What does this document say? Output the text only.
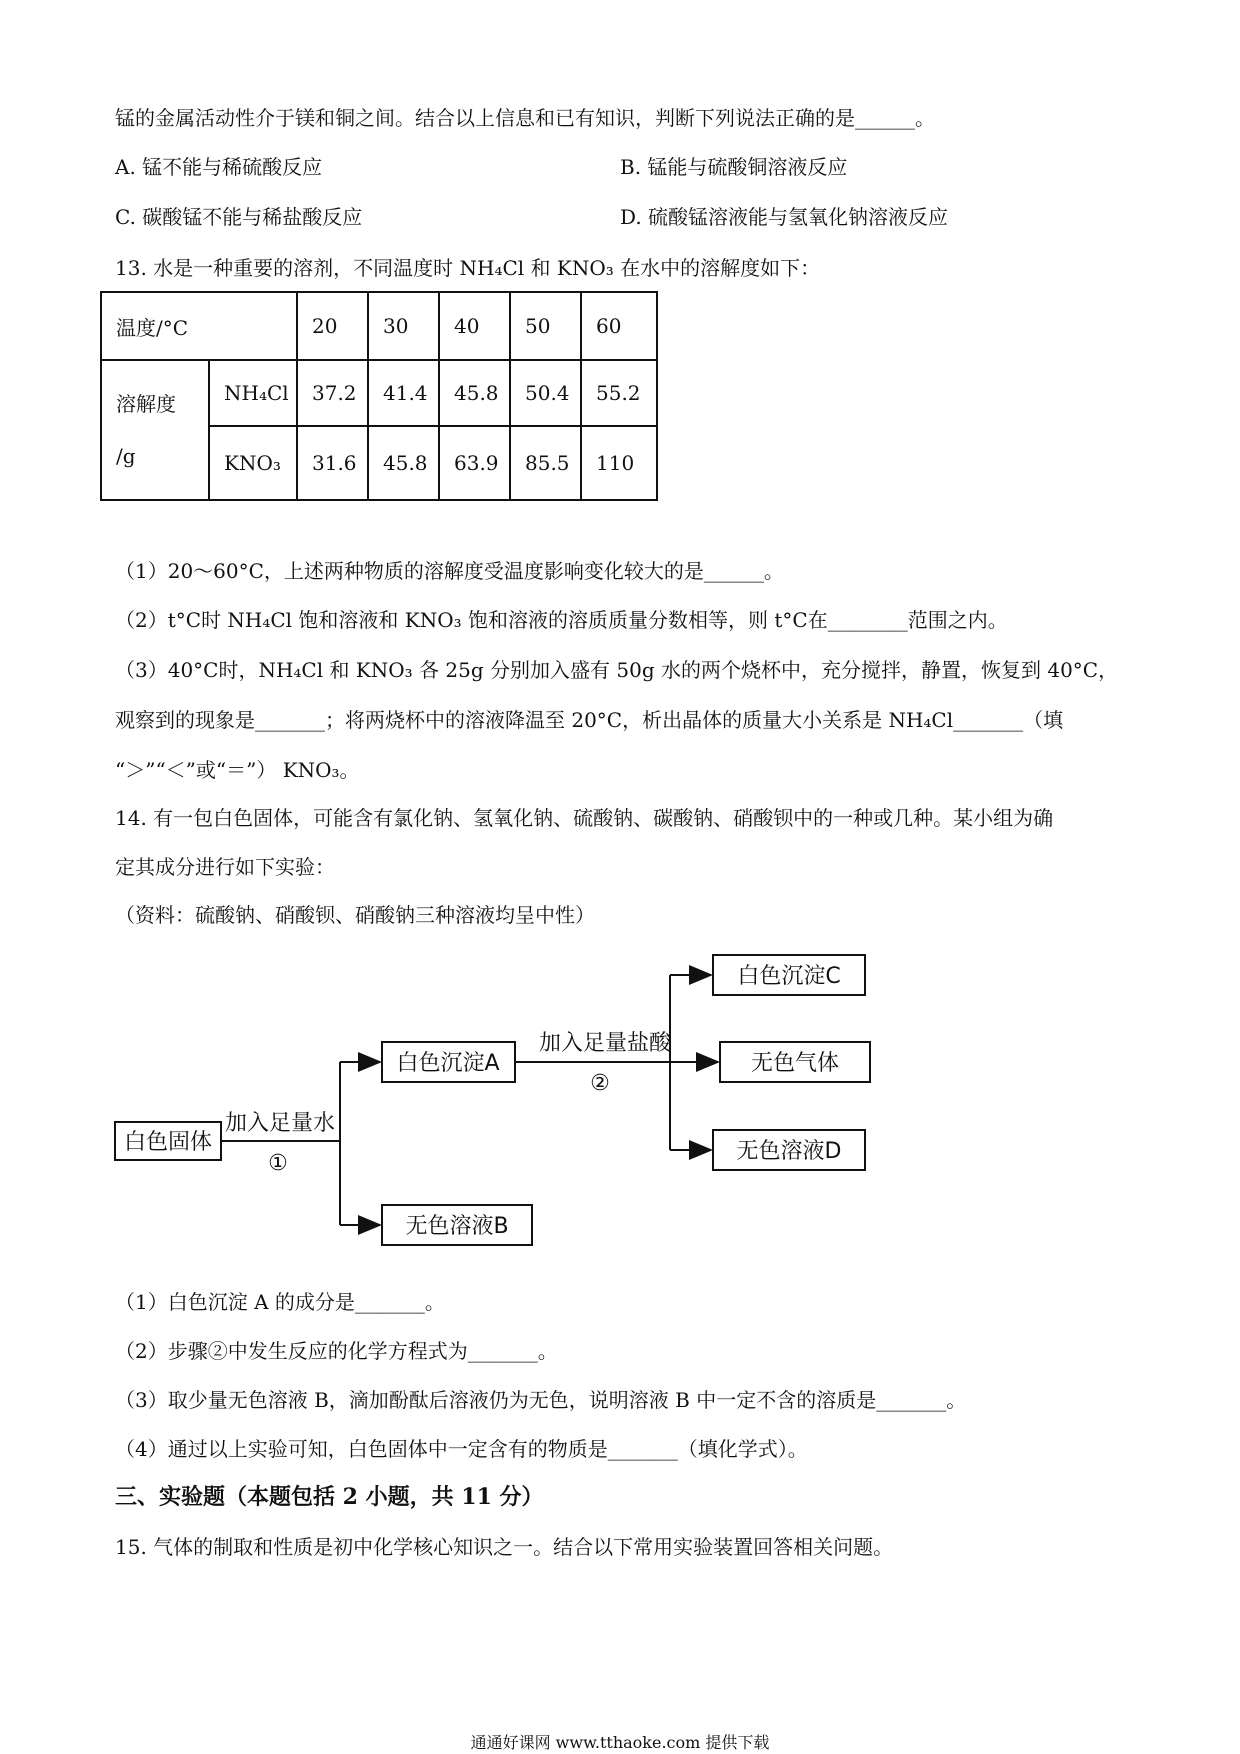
锰的金属活动性介于镁和铜之间。结合以上信息和已有知识，判断下列说法正确的是______。
A. 锰不能与稀硫酸反应	B. 锰能与硫酸铜溶液反应
C. 碳酸锰不能与稀盐酸反应	D. 硫酸锰溶液能与氢氧化钠溶液反应
13. 水是一种重要的溶剂，不同温度时 NH₄Cl 和 KNO₃ 在水中的溶解度如下：
温度/°C		20	30	40	50	60

溶解度
/g	NH₄Cl	37.2	41.4	45.8	50.4	55.2
	KNO₃	31.6	45.8	63.9	85.5	110
（1）20～60°C，上述两种物质的溶解度受温度影响变化较大的是______。
（2）t°C时 NH₄Cl 饱和溶液和 KNO₃ 饱和溶液的溶质质量分数相等，则 t°C在________范围之内。
（3）40°C时，NH₄Cl 和 KNO₃ 各 25g 分别加入盛有 50g 水的两个烧杯中，充分搅拌，静置，恢复到 40°C，
观察到的现象是_______；将两烧杯中的溶液降温至 20°C，析出晶体的质量大小关系是 NH₄Cl_______（填
“＞”“＜”或“＝”） KNO₃。
14. 有一包白色固体，可能含有氯化钠、氢氧化钠、硫酸钠、碳酸钠、硝酸钡中的一种或几种。某小组为确
定其成分进行如下实验：
（资料：硫酸钠、硝酸钡、硝酸钠三种溶液均呈中性）
白色固体
加入足量水
①
白色沉淀A
无色溶液B
加入足量盐酸
②
白色沉淀C
无色气体
无色溶液D
（1）白色沉淀 A 的成分是_______。
（2）步骤②中发生反应的化学方程式为_______。
（3）取少量无色溶液 B，滴加酚酞后溶液仍为无色，说明溶液 B 中一定不含的溶质是_______。
（4）通过以上实验可知，白色固体中一定含有的物质是_______（填化学式）。
三、实验题（本题包括 2 小题，共 11 分）
15. 气体的制取和性质是初中化学核心知识之一。结合以下常用实验装置回答相关问题。
通通好课网 www.tthaoke.com 提供下载
